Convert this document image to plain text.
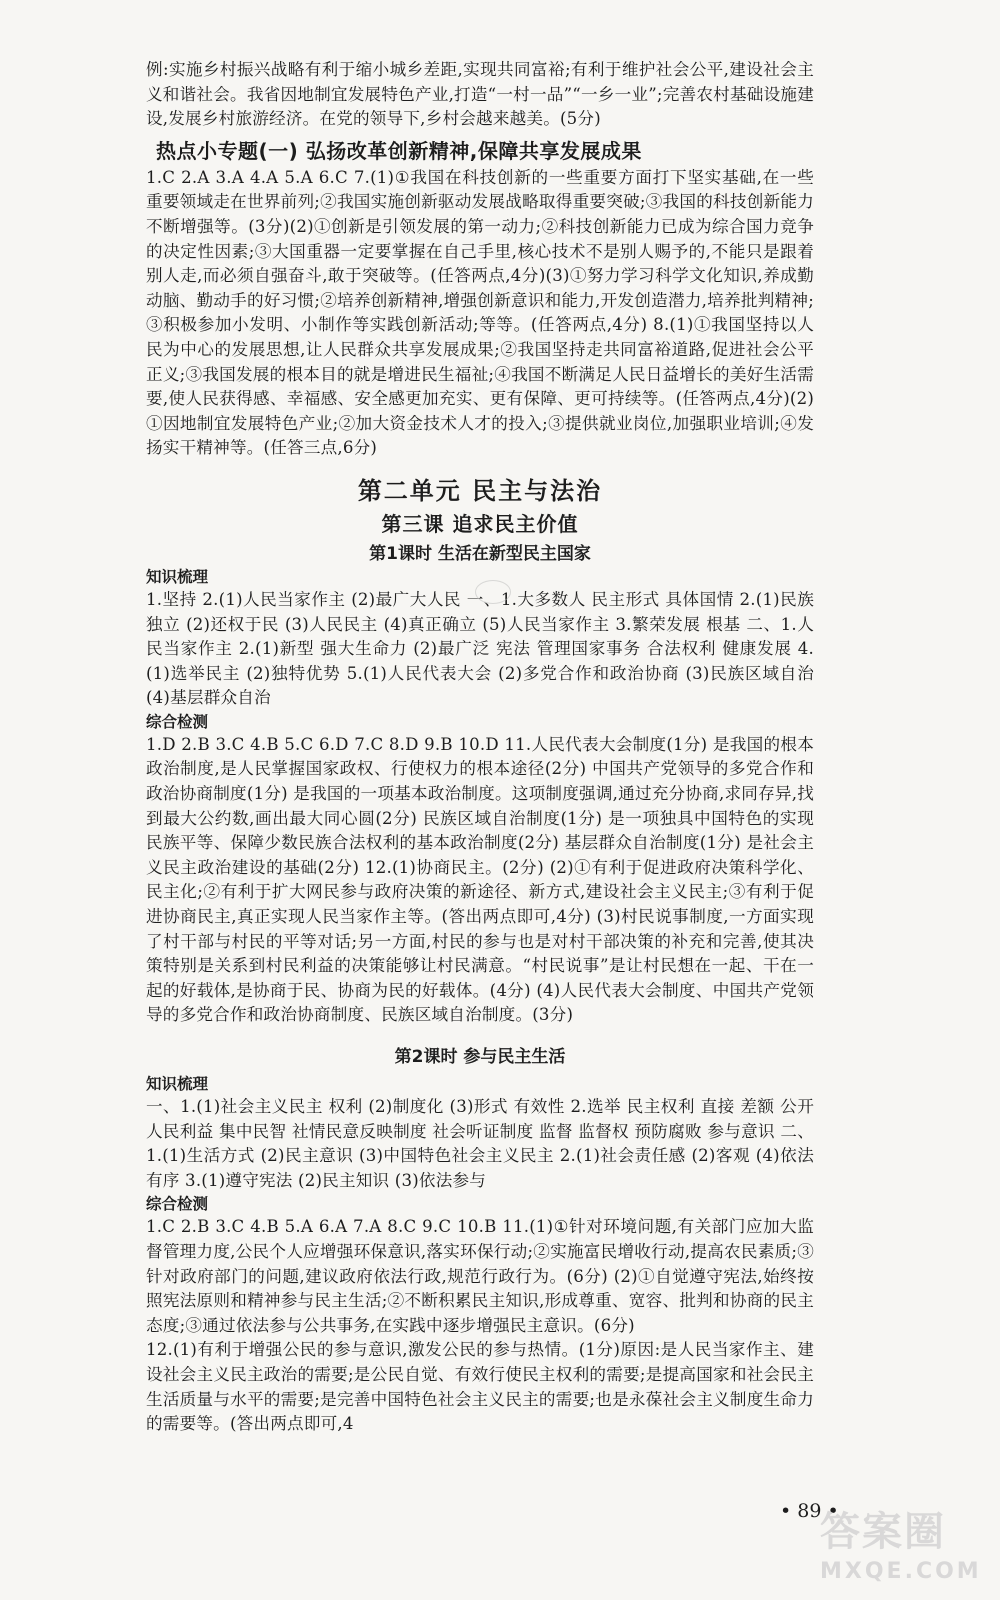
例:实施乡村振兴战略有利于缩小城乡差距,实现共同富裕;有利于维护社会公平,建设社会主义和谐社会。我省因地制宜发展特色产业,打造“一村一品”“一乡一业”;完善农村基础设施建设,发展乡村旅游经济。在党的领导下,乡村会越来越美。(5分)

热点小专题(一) 弘扬改革创新精神,保障共享发展成果

1.C 2.A 3.A 4.A 5.A 6.C 7.(1)①我国在科技创新的一些重要方面打下坚实基础,在一些重要领域走在世界前列;②我国实施创新驱动发展战略取得重要突破;③我国的科技创新能力不断增强等。(3分)(2)①创新是引领发展的第一动力;②科技创新能力已成为综合国力竞争的决定性因素;③大国重器一定要掌握在自己手里,核心技术不是别人赐予的,不能只是跟着别人走,而必须自强奋斗,敢于突破等。(任答两点,4分)(3)①努力学习科学文化知识,养成勤动脑、勤动手的好习惯;②培养创新精神,增强创新意识和能力,开发创造潜力,培养批判精神;③积极参加小发明、小制作等实践创新活动;等等。(任答两点,4分) 8.(1)①我国坚持以人民为中心的发展思想,让人民群众共享发展成果;②我国坚持走共同富裕道路,促进社会公平正义;③我国发展的根本目的就是增进民生福祉;④我国不断满足人民日益增长的美好生活需要,使人民获得感、幸福感、安全感更加充实、更有保障、更可持续等。(任答两点,4分)(2)①因地制宜发展特色产业;②加大资金技术人才的投入;③提供就业岗位,加强职业培训;④发扬实干精神等。(任答三点,6分)

第二单元 民主与法治
第三课 追求民主价值
第1课时 生活在新型民主国家
知识梳理

1.坚持 2.(1)人民当家作主 (2)最广大人民 一、1.大多数人 民主形式 具体国情 2.(1)民族独立 (2)还权于民 (3)人民民主 (4)真正确立 (5)人民当家作主 3.繁荣发展 根基 二、1.人民当家作主 2.(1)新型 强大生命力 (2)最广泛 宪法 管理国家事务 合法权利 健康发展 4.(1)选举民主 (2)独特优势 5.(1)人民代表大会 (2)多党合作和政治协商 (3)民族区域自治 (4)基层群众自治

综合检测

1.D 2.B 3.C 4.B 5.C 6.D 7.C 8.D 9.B 10.D 11.人民代表大会制度(1分) 是我国的根本政治制度,是人民掌握国家政权、行使权力的根本途径(2分) 中国共产党领导的多党合作和政治协商制度(1分) 是我国的一项基本政治制度。这项制度强调,通过充分协商,求同存异,找到最大公约数,画出最大同心圆(2分) 民族区域自治制度(1分) 是一项独具中国特色的实现民族平等、保障少数民族合法权利的基本政治制度(2分) 基层群众自治制度(1分) 是社会主义民主政治建设的基础(2分) 12.(1)协商民主。(2分) (2)①有利于促进政府决策科学化、民主化;②有利于扩大网民参与政府决策的新途径、新方式,建设社会主义民主;③有利于促进协商民主,真正实现人民当家作主等。(答出两点即可,4分) (3)村民说事制度,一方面实现了村干部与村民的平等对话;另一方面,村民的参与也是对村干部决策的补充和完善,使其决策特别是关系到村民利益的决策能够让村民满意。“村民说事”是让村民想在一起、干在一起的好载体,是协商于民、协商为民的好载体。(4分) (4)人民代表大会制度、中国共产党领导的多党合作和政治协商制度、民族区域自治制度。(3分)

第2课时 参与民主生活
知识梳理

一、1.(1)社会主义民主 权利 (2)制度化 (3)形式 有效性 2.选举 民主权利 直接 差额 公开 人民利益 集中民智 社情民意反映制度 社会听证制度 监督 监督权 预防腐败 参与意识 二、1.(1)生活方式 (2)民主意识 (3)中国特色社会主义民主 2.(1)社会责任感 (2)客观 (4)依法有序 3.(1)遵守宪法 (2)民主知识 (3)依法参与

综合检测

1.C 2.B 3.C 4.B 5.A 6.A 7.A 8.C 9.C 10.B 11.(1)①针对环境问题,有关部门应加大监督管理力度,公民个人应增强环保意识,落实环保行动;②实施富民增收行动,提高农民素质;③针对政府部门的问题,建议政府依法行政,规范行政行为。(6分) (2)①自觉遵守宪法,始终按照宪法原则和精神参与民主生活;②不断积累民主知识,形成尊重、宽容、批判和协商的民主态度;③通过依法参与公共事务,在实践中逐步增强民主意识。(6分)

12.(1)有利于增强公民的参与意识,激发公民的参与热情。(1分)原因:是人民当家作主、建设社会主义民主政治的需要;是公民自觉、有效行使民主权利的需要;是提高国家和社会民主生活质量与水平的需要;是完善中国特色社会主义民主的需要;也是永葆社会主义制度生命力的需要等。(答出两点即可,4

• 89 •
答案圈
MXQE.COM
